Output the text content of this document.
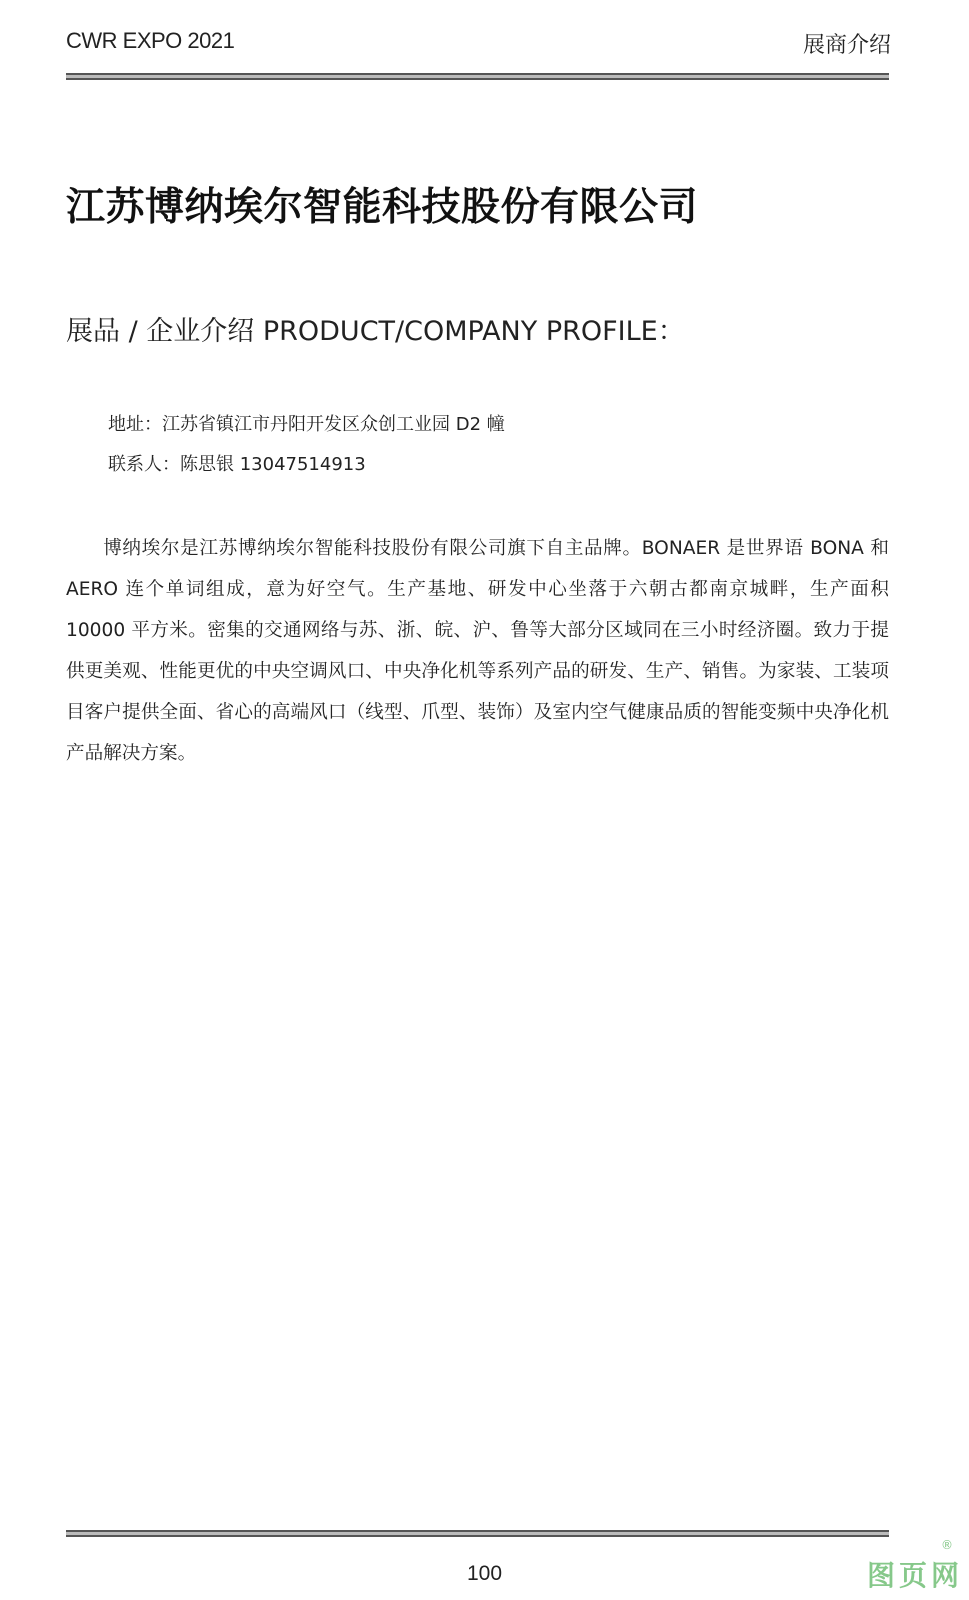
CWR EXPO 2021	展商介绍
江苏博纳埃尔智能科技股份有限公司
展品 / 企业介绍 PRODUCT/COMPANY PROFILE：
地址：江苏省镇江市丹阳开发区众创工业园 D2 幢
联系人：陈思银 13047514913

博纳埃尔是江苏博纳埃尔智能科技股份有限公司旗下自主品牌。BONAER 是世界语 BONA 和 AERO 连个单词组成，意为好空气。生产基地、研发中心坐落于六朝古都南京城畔，生产面积 10000 平方米。密集的交通网络与苏、浙、皖、沪、鲁等大部分区域同在三小时经济圈。致力于提供更美观、性能更优的中央空调风口、中央净化机等系列产品的研发、生产、销售。为家装、工装项目客户提供全面、省心的高端风口（线型、爪型、装饰）及室内空气健康品质的智能变频中央净化机产品解决方案。

100
®
图页网
